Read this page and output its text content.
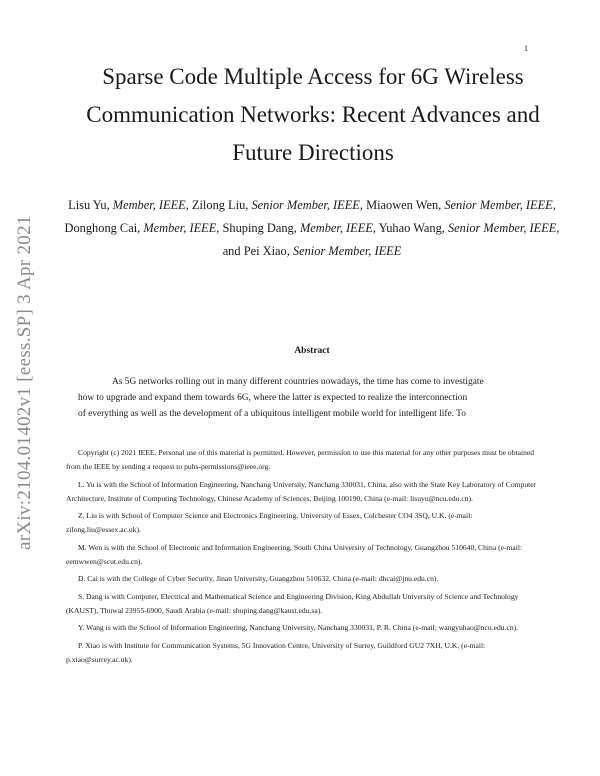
1
arXiv:2104.01402v1 [eess.SP] 3 Apr 2021
Sparse Code Multiple Access for 6G Wireless Communication Networks: Recent Advances and Future Directions
Lisu Yu, Member, IEEE, Zilong Liu, Senior Member, IEEE, Miaowen Wen, Senior Member, IEEE, Donghong Cai, Member, IEEE, Shuping Dang, Member, IEEE, Yuhao Wang, Senior Member, IEEE, and Pei Xiao, Senior Member, IEEE
Abstract
As 5G networks rolling out in many different countries nowadays, the time has come to investigate
how to upgrade and expand them towards 6G, where the latter is expected to realize the interconnection
of everything as well as the development of a ubiquitous intelligent mobile world for intelligent life. To

Copyright (c) 2021 IEEE. Personal use of this material is permitted. However, permission to use this material for any other purposes must be obtained from the IEEE by sending a request to pubs-permissions@ieee.org.

L. Yu is with the School of Information Engineering, Nanchang University, Nanchang 330031, China, also with the State Key Laboratory of Computer Architecture, Institute of Computing Technology, Chinese Academy of Sciences, Beijing 100190, China (e-mail: lisuyu@ncu.edu.cn).

Z. Liu is with School of Computer Science and Electronics Engineering, University of Essex, Colchester CO4 3SQ, U.K. (e-mail: zilong.liu@essex.ac.uk).

M. Wen is with the School of Electronic and Information Engineering, South China University of Technology, Guangzhou 510640, China (e-mail: eemwwen@scut.edu.cn).

D. Cai is with the College of Cyber Security, Jinan University, Guangzhou 510632, China (e-mail: dhcai@jnu.edu.cn).

S. Dang is with Computer, Electrical and Mathematical Science and Engineering Division, King Abdullah University of Science and Technology (KAUST), Thuwal 23955-6900, Saudi Arabia (e-mail: shuping.dang@kaust.edu.sa).

Y. Wang is with the School of Information Engineering, Nanchang University, Nanchang 330031, P. R. China (e-mail: wangyuhao@ncu.edu.cn).

P. Xiao is with Institute for Communication Systems, 5G Innovation Centre, University of Surrey, Guildford GU2 7XH, U.K. (e-mail: p.xiao@surrey.ac.uk).
